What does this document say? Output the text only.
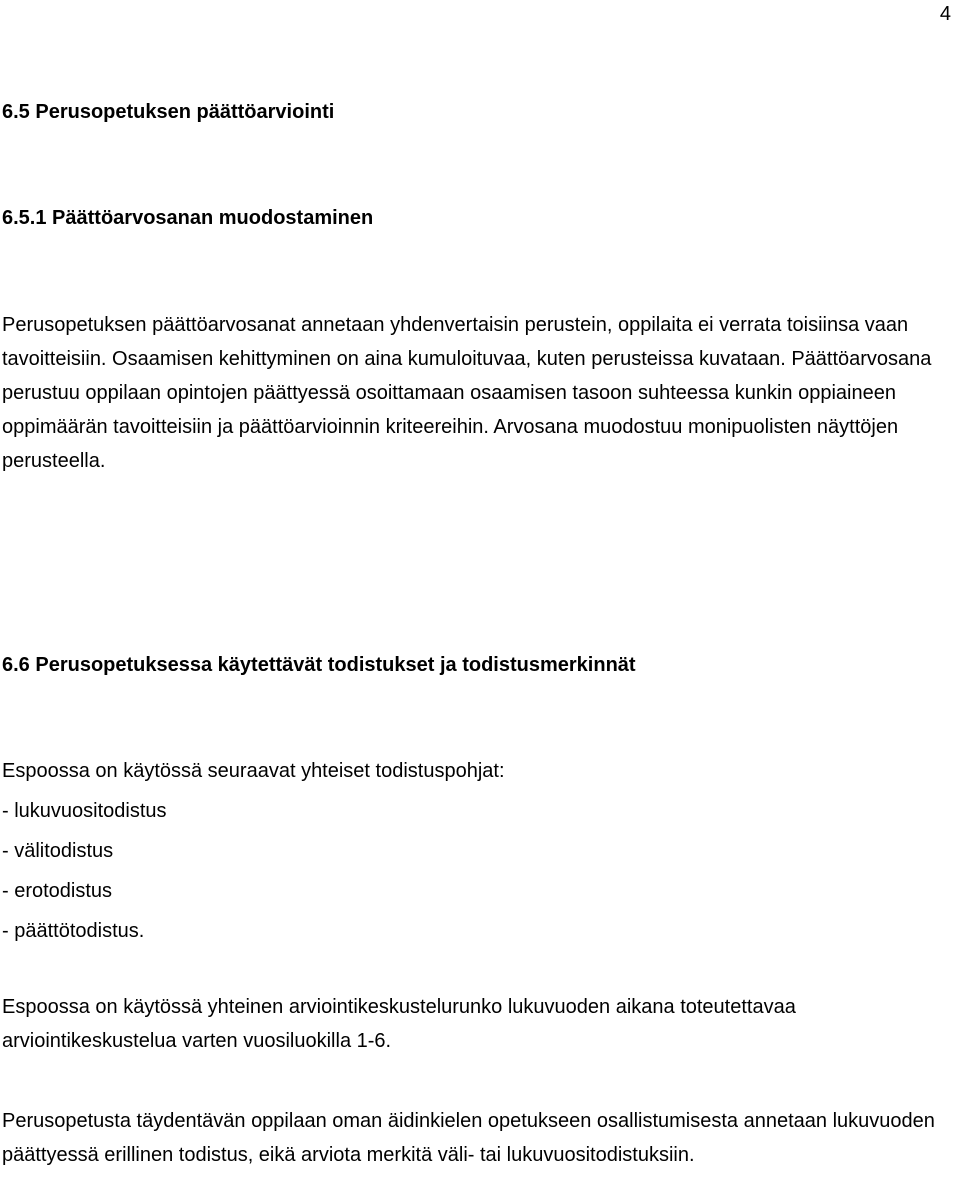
4
6.5 Perusopetuksen päättöarviointi
6.5.1 Päättöarvosanan muodostaminen

Perusopetuksen päättöarvosanat annetaan yhdenvertaisin perustein, oppilaita ei verrata toisiinsa vaan tavoitteisiin. Osaamisen kehittyminen on aina kumuloituvaa, kuten perusteissa kuvataan. Päättöarvosana perustuu oppilaan opintojen päättyessä osoittamaan osaamisen tasoon suhteessa kunkin oppiaineen oppimäärän tavoitteisiin ja päättöarvioinnin kriteereihin. Arvosana muodostuu monipuolisten näyttöjen perusteella.

6.6 Perusopetuksessa käytettävät todistukset ja todistusmerkinnät

Espoossa on käytössä seuraavat yhteiset todistuspohjat:

- lukuvuositodistus
- välitodistus
- erotodistus
- päättötodistus.

Espoossa on käytössä yhteinen arviointikeskustelurunko lukuvuoden aikana toteutettavaa arviointikeskustelua varten vuosiluokilla 1-6.

Perusopetusta täydentävän oppilaan oman äidinkielen opetukseen osallistumisesta annetaan lukuvuoden päättyessä erillinen todistus, eikä arviota merkitä väli- tai lukuvuositodistuksiin.
